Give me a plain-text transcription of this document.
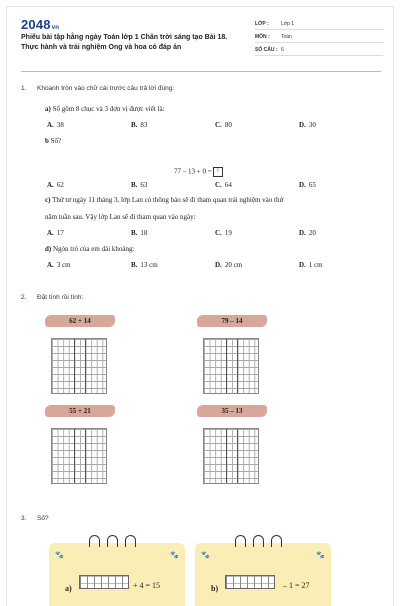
2048vn
Phiếu bài tập hằng ngày Toán lớp 1 Chân trời sáng tạo Bài 18. Thực hành và trải nghiệm Ong và hoa có đáp án
LỚP : Lớp 1
MÔN : Toán
SỐ CÂU : 6
1. Khoanh tròn vào chữ cái trước câu trả lời đúng:
a) Số gồm 8 chục và 3 đơn vị được viết là:
A. 38	B. 83	C. 80	D. 30
b Số?
77 – 13 + 0 = ?
A. 62	B. 63	C. 64	D. 65
c) Thứ tư ngày 11 tháng 3, lớp Lan có thông báo sẽ đi tham quan trải nghiệm vào thứ
năm tuần sau. Vậy lớp Lan sẽ đi tham quan vào ngày:
A. 17	B. 18	C. 19	D. 20
d) Ngón trỏ của em dài khoảng:
A. 3 cm	B. 13 cm	D. 20 cm	D. 1 cm
2. Đặt tính rồi tính:
62 + 14	79 – 14
55 + 21	35 – 13
3. Số?
🐾	🐾
a)	+ 4 = 15
🐾	🐾
b)	– 1 = 27
